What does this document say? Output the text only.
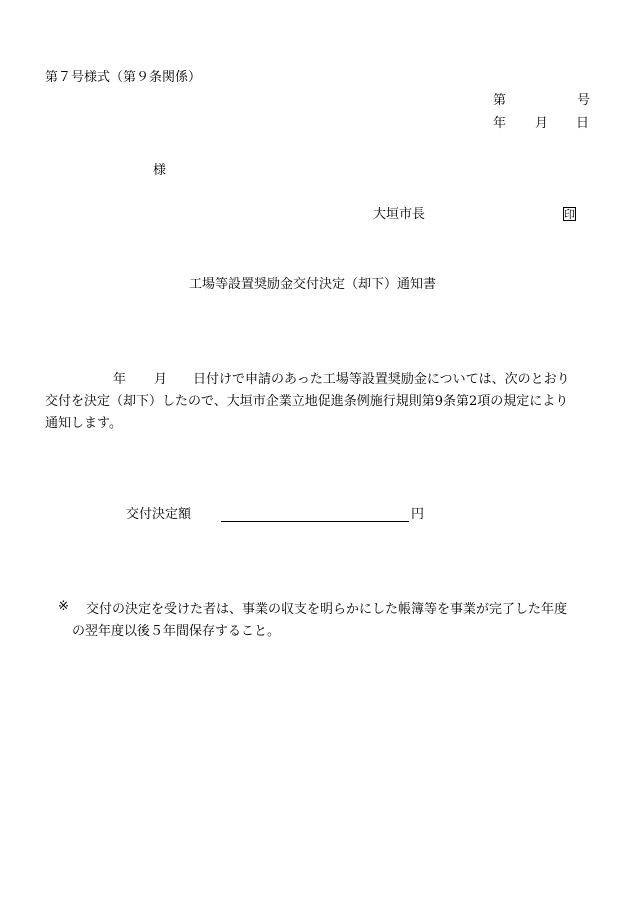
第７号様式（第９条関係）
第	号
年 月 日
様
大垣市長	印
工場等設置奨励金交付決定（却下）通知書
年 月 日付けで申請のあった工場等設置奨励金については、次のとおり
交付を決定（却下）したので、大垣市企業立地促進条例施行規則第9条第2項の規定により
通知します。
交付決定額	円
※ 交付の決定を受けた者は、事業の収支を明らかにした帳簿等を事業が完了した年度
の翌年度以後５年間保存すること。
